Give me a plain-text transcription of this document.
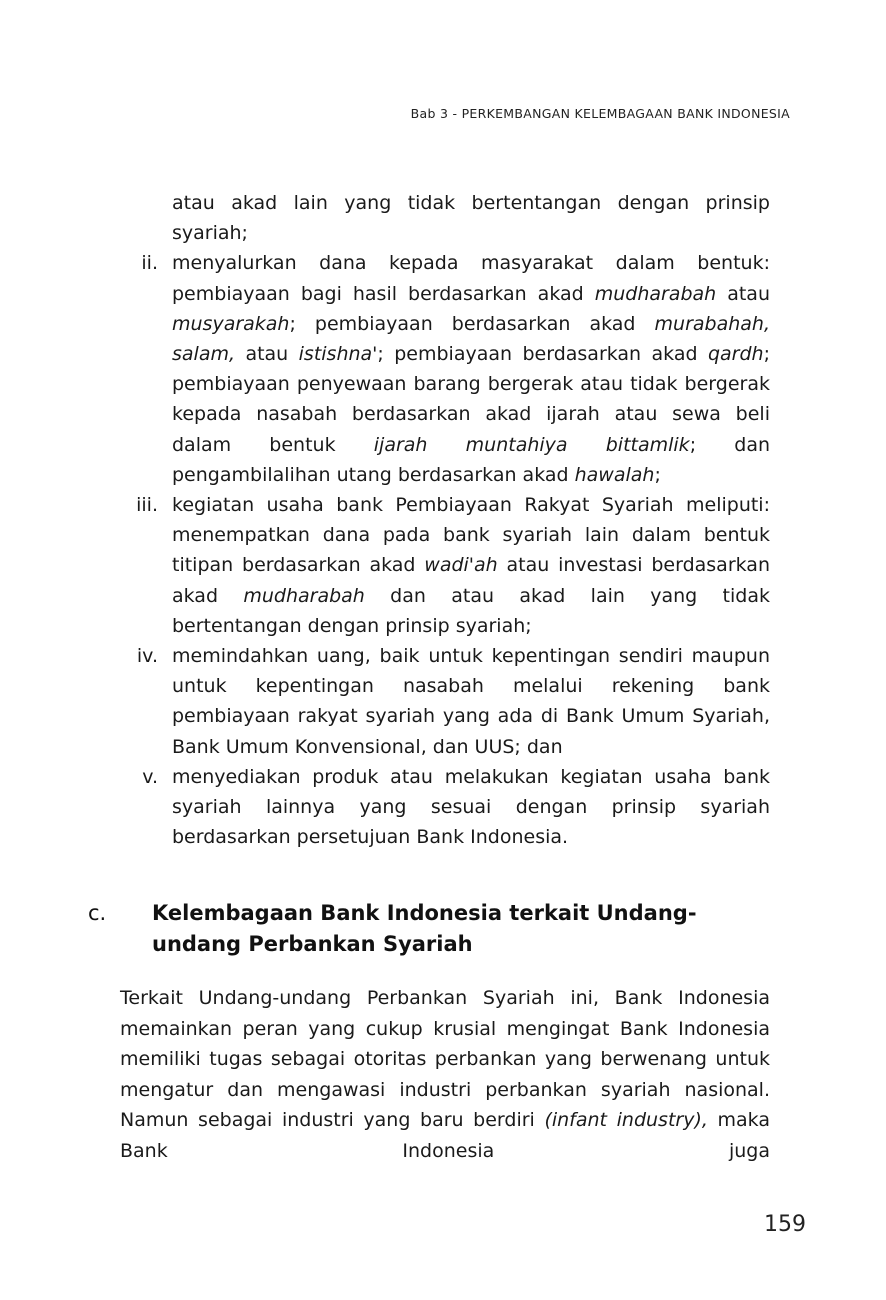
Bab 3 - PERKEMBANGAN KELEMBAGAAN BANK INDONESIA
atau akad lain yang tidak bertentangan dengan prinsip syariah;
ii. menyalurkan dana kepada masyarakat dalam bentuk: pembiayaan bagi hasil berdasarkan akad mudharabah atau musyarakah; pembiayaan berdasarkan akad murabahah, salam, atau istishna'; pembiayaan berdasarkan akad qardh; pembiayaan penyewaan barang bergerak atau tidak bergerak kepada nasabah berdasarkan akad ijarah atau sewa beli dalam bentuk ijarah muntahiya bittamlik; dan pengambilalihan utang berdasarkan akad hawalah;
iii. kegiatan usaha bank Pembiayaan Rakyat Syariah meliputi: menempatkan dana pada bank syariah lain dalam bentuk titipan berdasarkan akad wadi'ah atau investasi berdasarkan akad mudharabah dan atau akad lain yang tidak bertentangan dengan prinsip syariah;
iv. memindahkan uang, baik untuk kepentingan sendiri maupun untuk kepentingan nasabah melalui rekening bank pembiayaan rakyat syariah yang ada di Bank Umum Syariah, Bank Umum Konvensional, dan UUS; dan
v. menyediakan produk atau melakukan kegiatan usaha bank syariah lainnya yang sesuai dengan prinsip syariah berdasarkan persetujuan Bank Indonesia.
c. Kelembagaan Bank Indonesia terkait Undang-undang Perbankan Syariah
Terkait Undang-undang Perbankan Syariah ini, Bank Indonesia memainkan peran yang cukup krusial mengingat Bank Indonesia memiliki tugas sebagai otoritas perbankan yang berwenang untuk mengatur dan mengawasi industri perbankan syariah nasional. Namun sebagai industri yang baru berdiri (infant industry), maka Bank Indonesia juga
159
